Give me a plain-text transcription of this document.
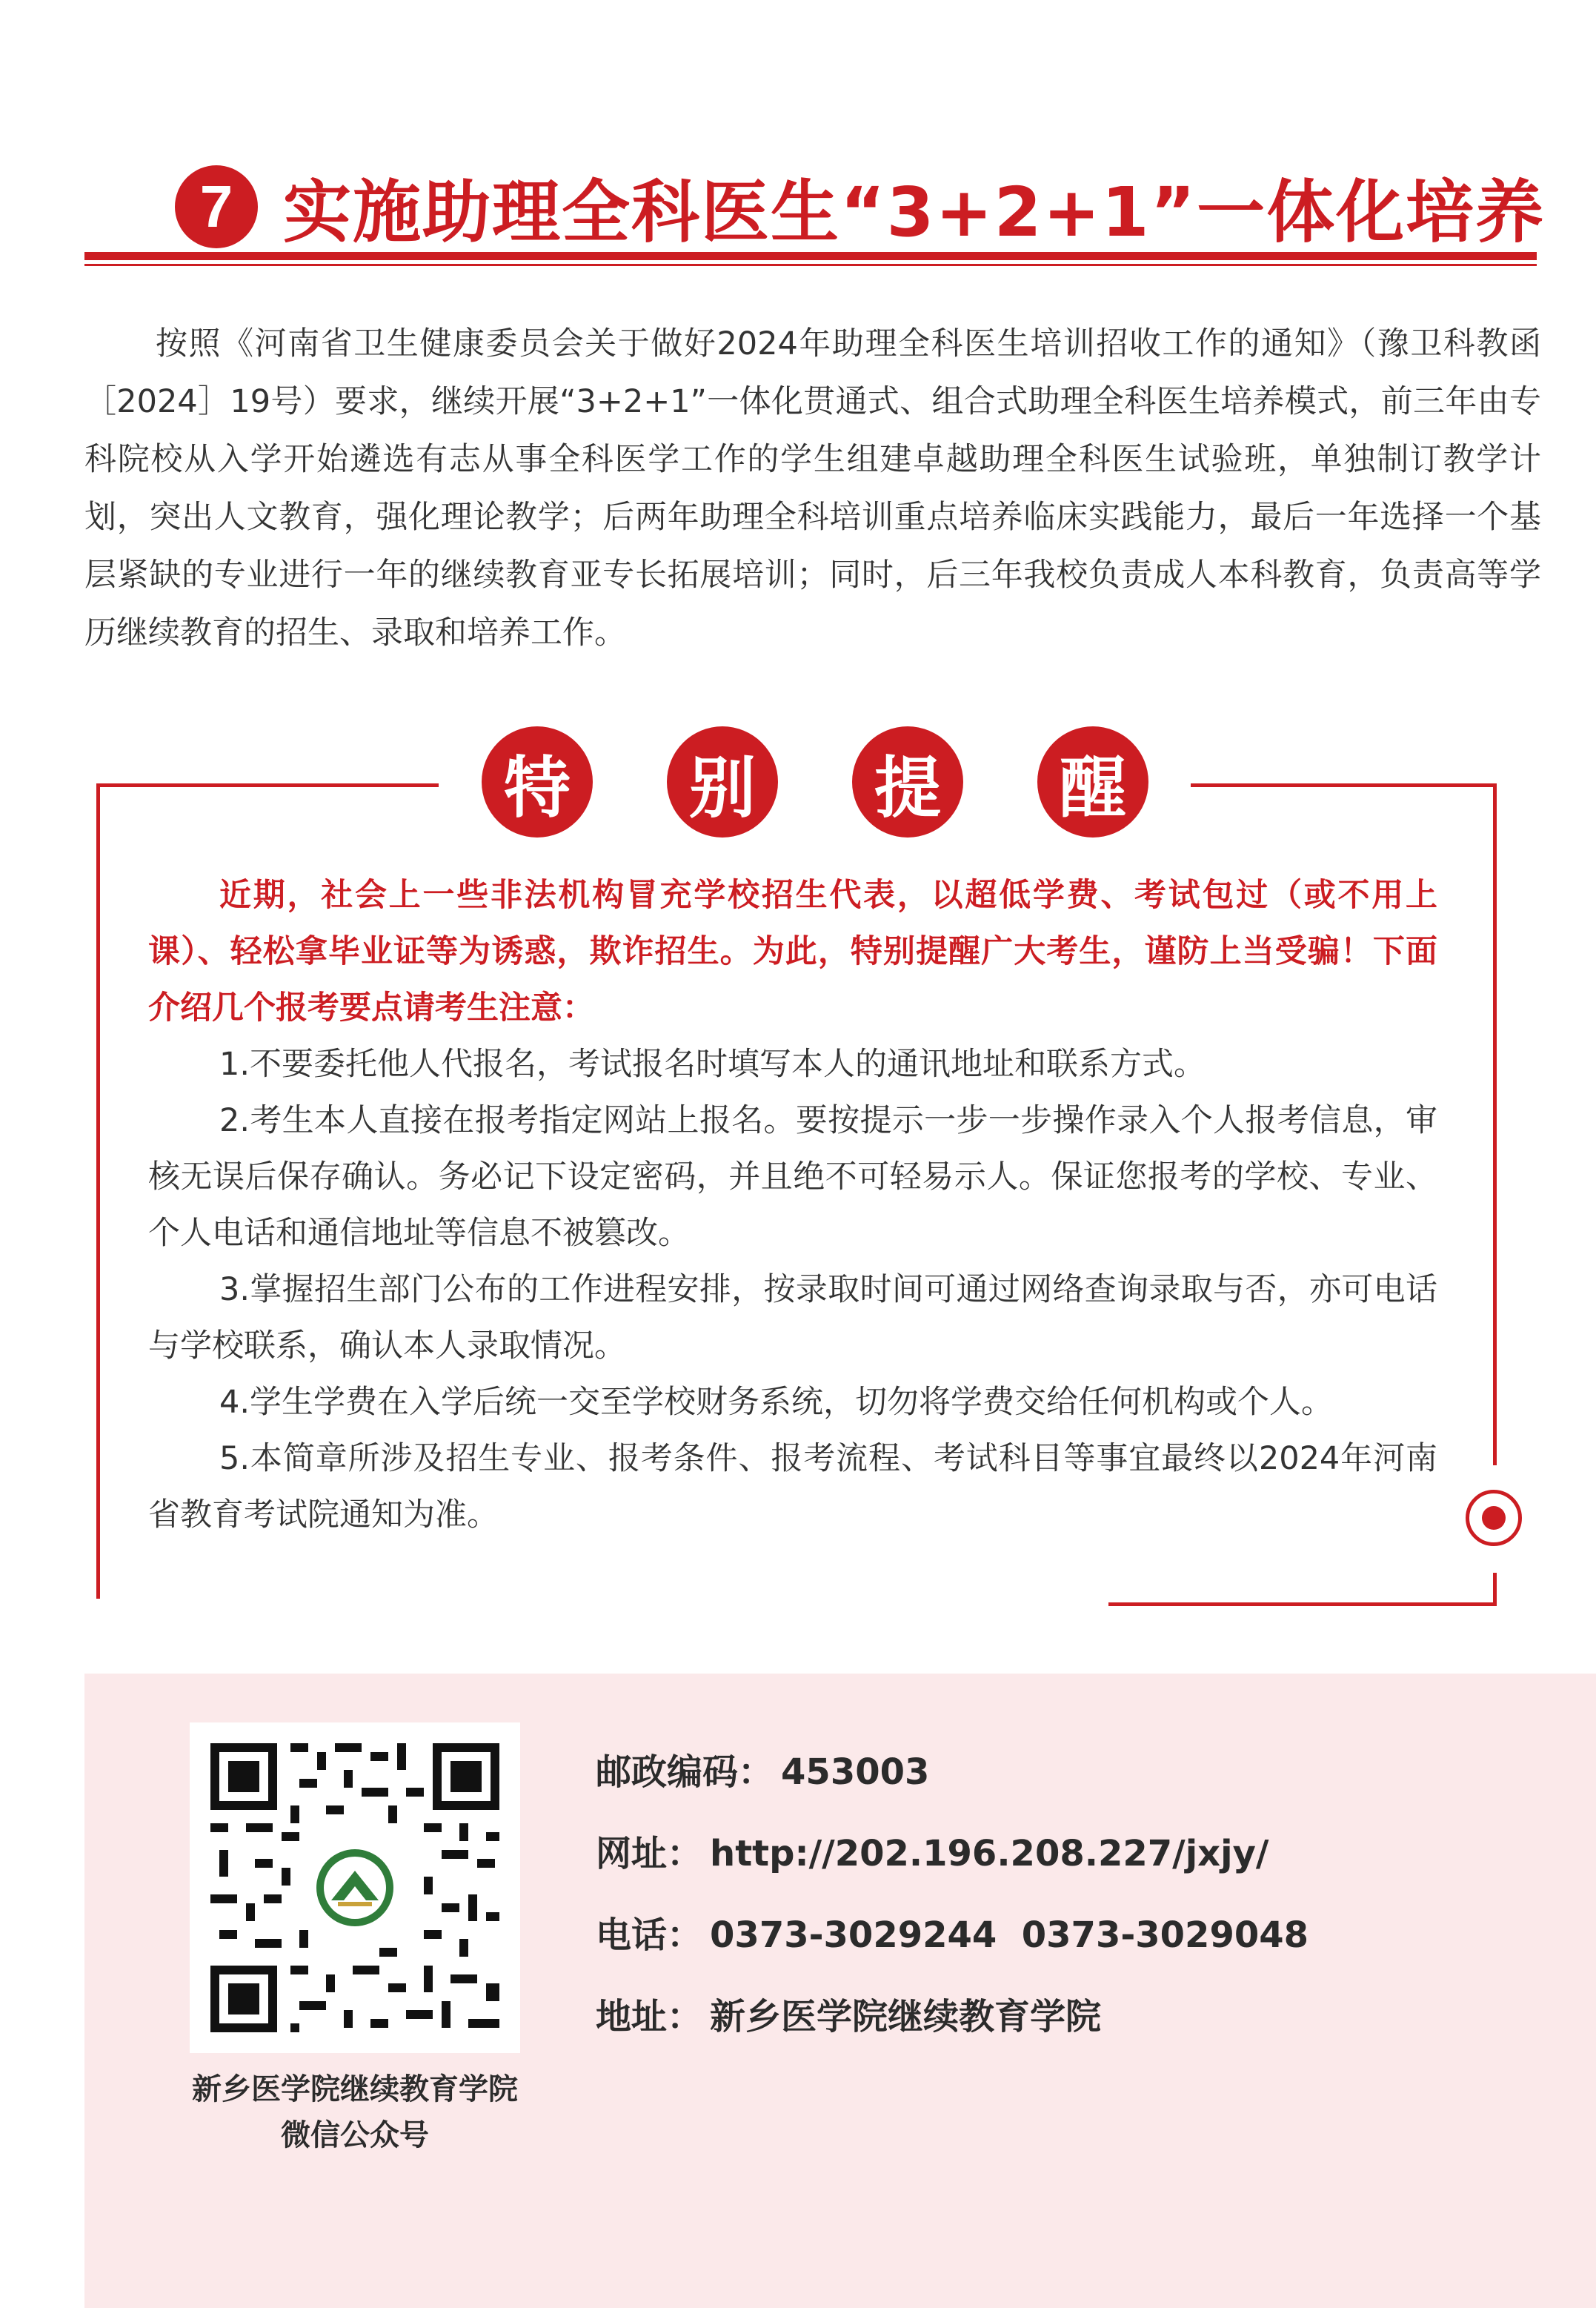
7 实施助理全科医生“3+2+1”一体化培养

按照《河南省卫生健康委员会关于做好2024年助理全科医生培训招收工作的通知》（豫卫科教函［2024］19号）要求，继续开展“3+2+1”一体化贯通式、组合式助理全科医生培养模式，前三年由专科院校从入学开始遴选有志从事全科医学工作的学生组建卓越助理全科医生试验班，单独制订教学计划，突出人文教育，强化理论教学；后两年助理全科培训重点培养临床实践能力，最后一年选择一个基层紧缺的专业进行一年的继续教育亚专长拓展培训；同时，后三年我校负责成人本科教育，负责高等学历继续教育的招生、录取和培养工作。

特	别	提	醒

近期，社会上一些非法机构冒充学校招生代表，以超低学费、考试包过（或不用上课）、轻松拿毕业证等为诱惑，欺诈招生。为此，特别提醒广大考生，谨防上当受骗！下面介绍几个报考要点请考生注意：

1.不要委托他人代报名，考试报名时填写本人的通讯地址和联系方式。

2.考生本人直接在报考指定网站上报名。要按提示一步一步操作录入个人报考信息，审核无误后保存确认。务必记下设定密码，并且绝不可轻易示人。保证您报考的学校、专业、个人电话和通信地址等信息不被篡改。

3.掌握招生部门公布的工作进程安排，按录取时间可通过网络查询录取与否，亦可电话与学校联系，确认本人录取情况。

4.学生学费在入学后统一交至学校财务系统，切勿将学费交给任何机构或个人。

5.本简章所涉及招生专业、报考条件、报考流程、考试科目等事宜最终以2024年河南省教育考试院通知为准。

新乡医学院继续教育学院
微信公众号
邮政编码： 453003
网址： http://202.196.208.227/jxjy/
电话： 0373-3029244  0373-3029048
地址： 新乡医学院继续教育学院
